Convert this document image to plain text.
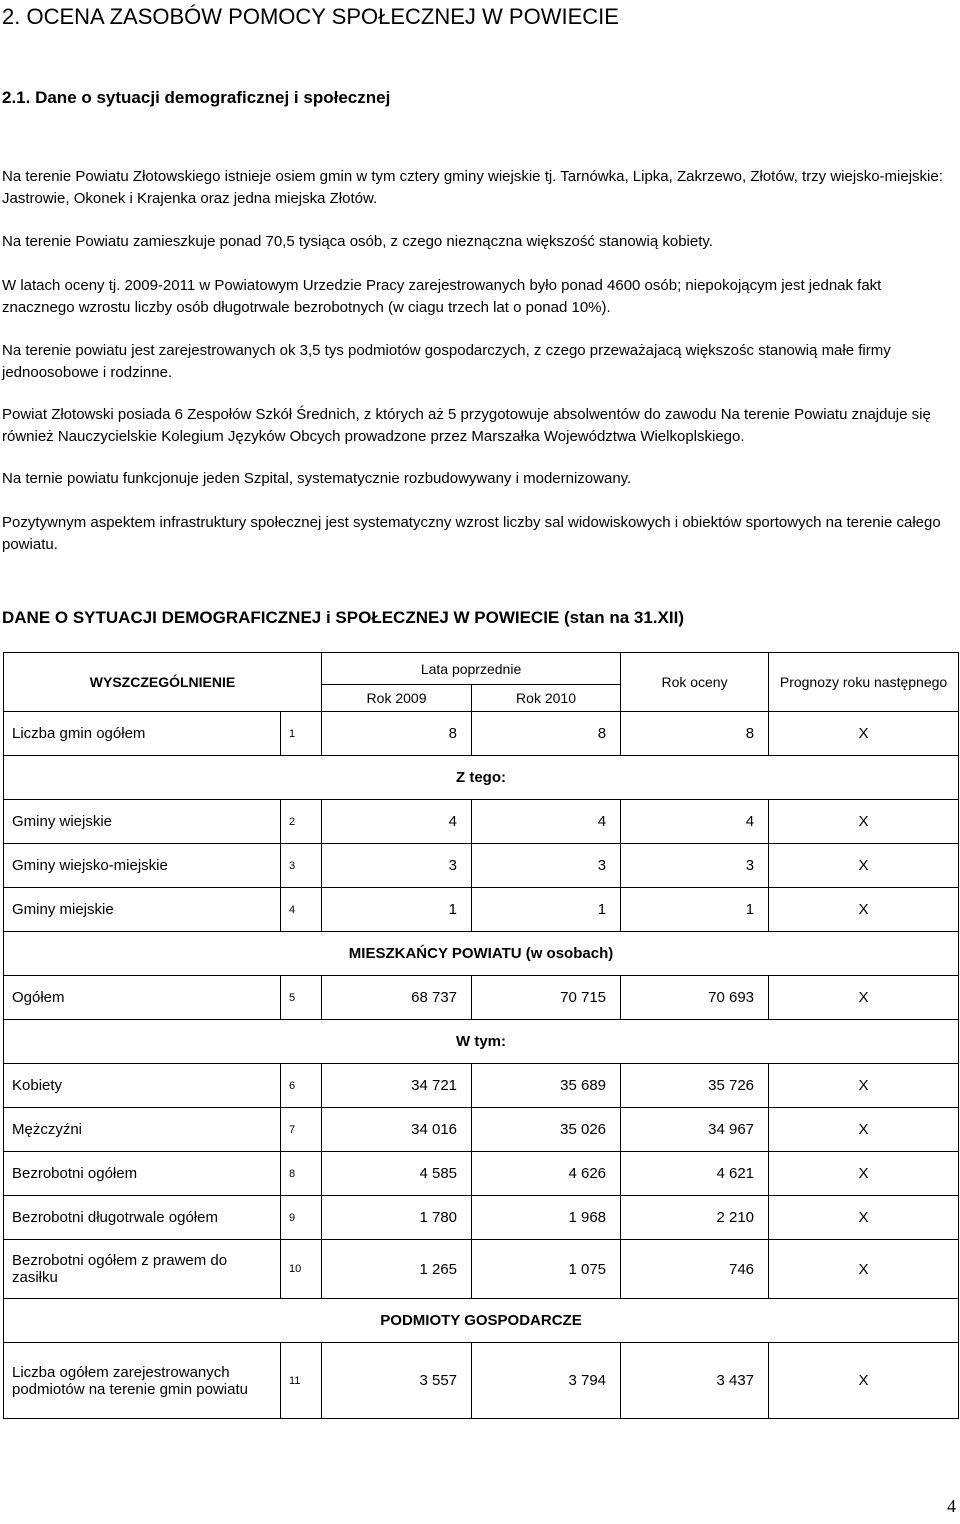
2. OCENA ZASOBÓW POMOCY SPOŁECZNEJ W POWIECIE
2.1. Dane o sytuacji demograficznej i społecznej

Na terenie Powiatu Złotowskiego istnieje osiem gmin w tym cztery gminy wiejskie tj. Tarnówka, Lipka, Zakrzewo, Złotów, trzy wiejsko-miejskie: Jastrowie, Okonek i Krajenka oraz jedna miejska Złotów.

Na terenie Powiatu zamieszkuje ponad 70,5 tysiąca osób, z czego nieznączna większość stanowią kobiety.

W latach oceny tj. 2009-2011 w Powiatowym Urzedzie Pracy zarejestrowanych było ponad 4600 osób; niepokojącym jest jednak fakt znacznego wzrostu liczby osób długotrwale bezrobotnych (w ciagu trzech lat o ponad 10%).

Na terenie powiatu jest zarejestrowanych ok 3,5 tys podmiotów gospodarczych, z czego przeważajacą większośc stanowią małe firmy jednoosobowe i rodzinne.

Powiat Złotowski posiada 6 Zespołów Szkół Średnich, z których aż 5 przygotowuje absolwentów do zawodu Na terenie Powiatu znajduje się również Nauczycielskie Kolegium Języków Obcych prowadzone przez Marszałka Województwa Wielkoplskiego.

Na ternie powiatu funkcjonuje jeden Szpital, systematycznie rozbudowywany i modernizowany.

Pozytywnym aspektem infrastruktury społecznej jest systematyczny wzrost liczby sal widowiskowych i obiektów sportowych na terenie całego powiatu.

DANE O SYTUACJI DEMOGRAFICZNEJ i SPOŁECZNEJ W POWIECIE (stan na 31.XII)
WYSZCZEGÓLNIENIE		Lata poprzednie		Rok oceny	Prognozy roku następnego
		Rok 2009	Rok 2010		
Liczba gmin ogółem	1	8	8	8	X
Z tego:					
Gminy wiejskie	2	4	4	4	X
Gminy wiejsko-miejskie	3	3	3	3	X
Gminy miejskie	4	1	1	1	X
MIESZKAŃCY POWIATU (w osobach)					
Ogółem	5	68 737	70 715	70 693	X
W tym:					
Kobiety	6	34 721	35 689	35 726	X
Mężczyźni	7	34 016	35 026	34 967	X
Bezrobotni ogółem	8	4 585	4 626	4 621	X
Bezrobotni długotrwale ogółem	9	1 780	1 968	2 210	X
Bezrobotni ogółem z prawem do zasiłku	10	1 265	1 075	746	X
PODMIOTY GOSPODARCZE					
Liczba ogółem zarejestrowanych podmiotów na terenie gmin powiatu	11	3 557	3 794	3 437	X
4
